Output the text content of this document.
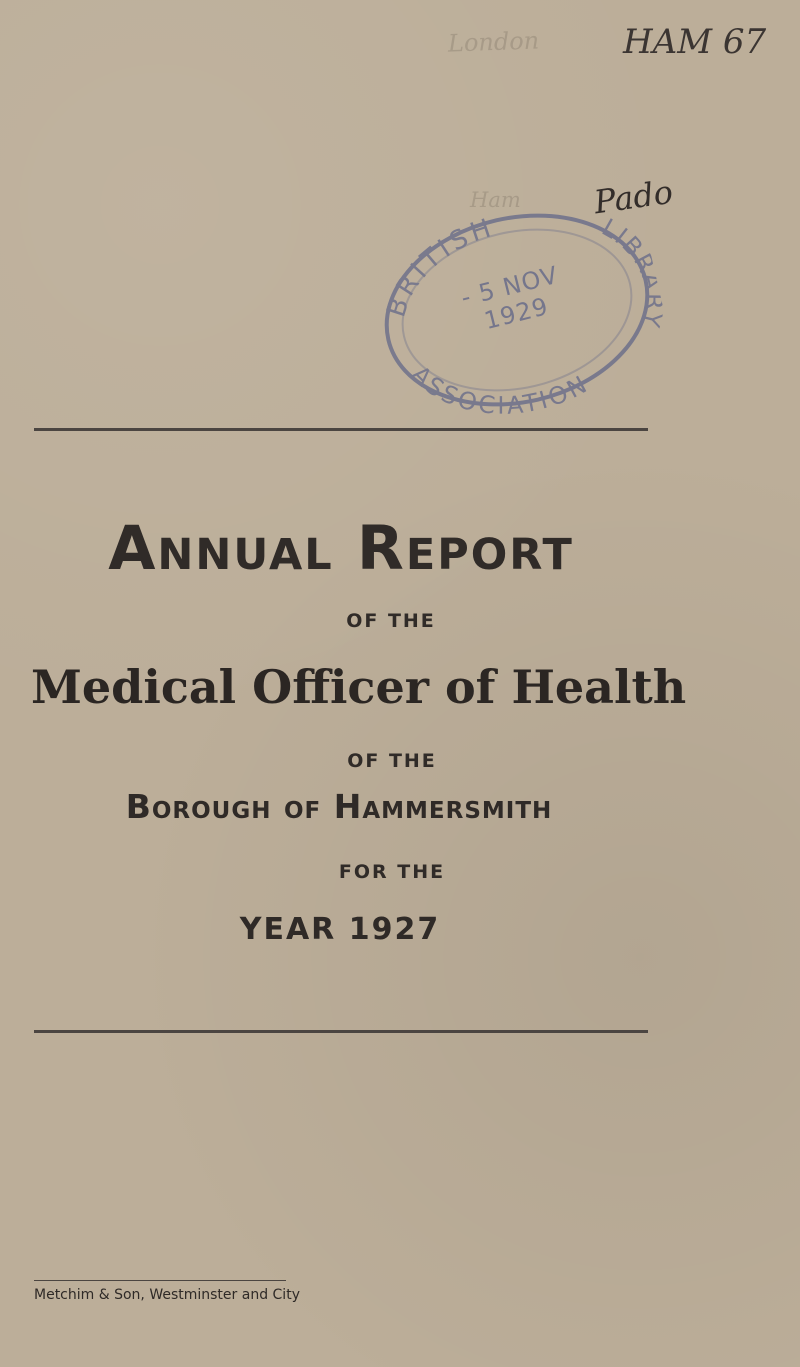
London HAM 67

Ham Pado

BRITISH
ASSOCIATION
LIBRARY

- 5 NOV 1929

Annual Report

OF THE

Medical Officer of Health

OF THE

Borough of Hammersmith

FOR THE

YEAR 1927

Metchim & Son, Westminster and City
